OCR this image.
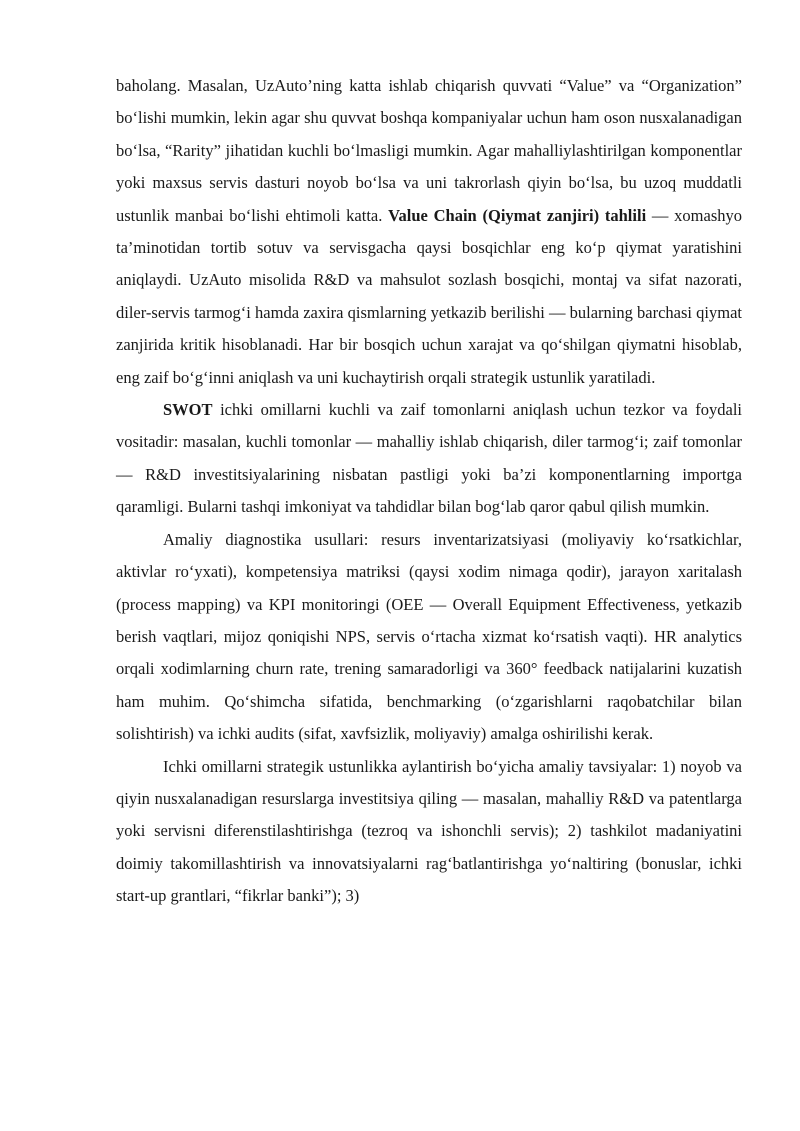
baholang. Masalan, UzAuto’ning katta ishlab chiqarish quvvati “Value” va “Organization” bo‘lishi mumkin, lekin agar shu quvvat boshqa kompaniyalar uchun ham oson nusxalanadigan bo‘lsa, “Rarity” jihatidan kuchli bo‘lmasligi mumkin. Agar mahalliylashtirilgan komponentlar yoki maxsus servis dasturi noyob bo‘lsa va uni takrorlash qiyin bo‘lsa, bu uzoq muddatli ustunlik manbai bo‘lishi ehtimoli katta. Value Chain (Qiymat zanjiri) tahlili — xomashyo ta’minotidan tortib sotuv va servisgacha qaysi bosqichlar eng ko‘p qiymat yaratishini aniqlaydi. UzAuto misolida R&D va mahsulot sozlash bosqichi, montaj va sifat nazorati, diler-servis tarmog‘i hamda zaxira qismlarning yetkazib berilishi — bularning barchasi qiymat zanjirida kritik hisoblanadi. Har bir bosqich uchun xarajat va qo‘shilgan qiymatni hisoblab, eng zaif bo‘g‘inni aniqlash va uni kuchaytirish orqali strategik ustunlik yaratiladi.

SWOT ichki omillarni kuchli va zaif tomonlarni aniqlash uchun tezkor va foydali vositadir: masalan, kuchli tomonlar — mahalliy ishlab chiqarish, diler tarmog‘i; zaif tomonlar — R&D investitsiyalarining nisbatan pastligi yoki ba’zi komponentlarning importga qaramligi. Bularni tashqi imkoniyat va tahdidlar bilan bog‘lab qaror qabul qilish mumkin.

Amaliy diagnostika usullari: resurs inventarizatsiyasi (moliyaviy ko‘rsatkichlar, aktivlar ro‘yxati), kompetensiya matriksi (qaysi xodim nimaga qodir), jarayon xaritalash (process mapping) va KPI monitoringi (OEE — Overall Equipment Effectiveness, yetkazib berish vaqtlari, mijoz qoniqishi NPS, servis o‘rtacha xizmat ko‘rsatish vaqti). HR analytics orqali xodimlarning churn rate, trening samaradorligi va 360° feedback natijalarini kuzatish ham muhim. Qo‘shimcha sifatida, benchmarking (o‘zgarishlarni raqobatchilar bilan solishtirish) va ichki audits (sifat, xavfsizlik, moliyaviy) amalga oshirilishi kerak.

Ichki omillarni strategik ustunlikka aylantirish bo‘yicha amaliy tavsiyalar: 1) noyob va qiyin nusxalanadigan resurslarga investitsiya qiling — masalan, mahalliy R&D va patentlarga yoki servisni diferenstilashtirishga (tezroq va ishonchli servis); 2) tashkilot madaniyatini doimiy takomillashtirish va innovatsiyalarni rag‘batlantirishga yo‘naltiring (bonuslar, ichki start-up grantlari, “fikrlar banki”); 3)
